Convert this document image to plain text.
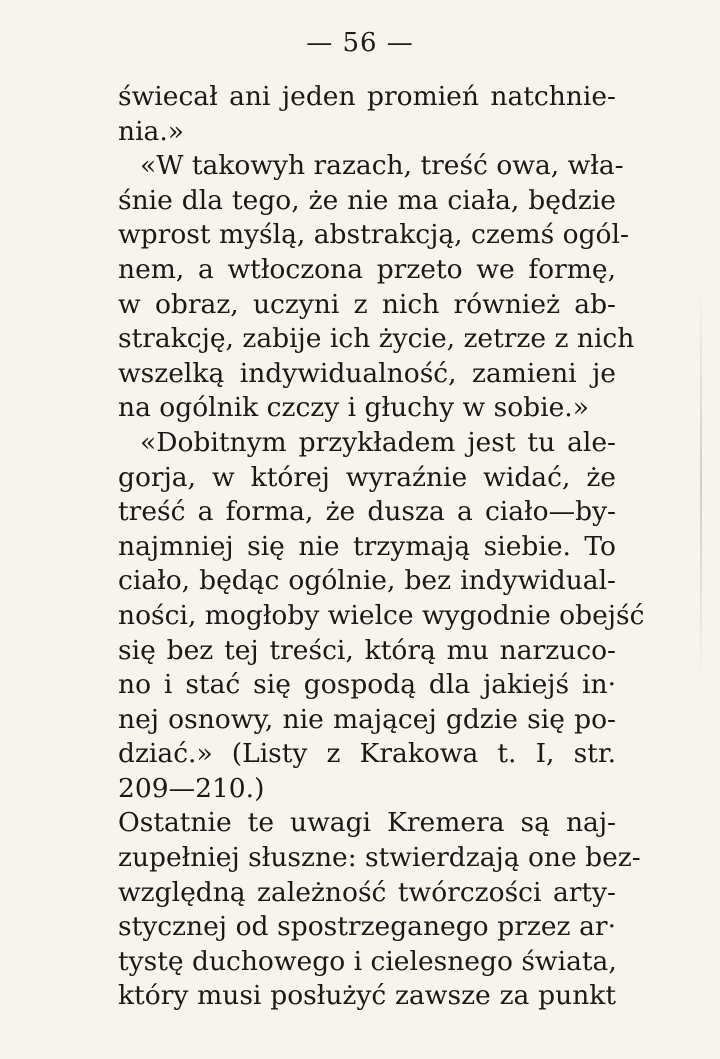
— 56 —
świecał ani jeden promień natchnie-
nia.»
«W takowyh razach, treść owa, wła-
śnie dla tego, że nie ma ciała, będzie
wprost myślą, abstrakcją, czemś ogól-
nem, a wtłoczona przeto we formę,
w obraz, uczyni z nich również ab-
strakcję, zabije ich życie, zetrze z nich
wszelką indywidualność, zamieni je
na ogólnik czczy i głuchy w sobie.»
«Dobitnym przykładem jest tu ale-
gorja, w której wyraźnie widać, że
treść a forma, że dusza a ciało—by-
najmniej się nie trzymają siebie. To
ciało, będąc ogólnie, bez indywidual-
ności, mogłoby wielce wygodnie obejść
się bez tej treści, którą mu narzuco-
no i stać się gospodą dla jakiejś in·
nej osnowy, nie mającej gdzie się po-
dziać.» (Listy z Krakowa t. I, str.
209—210.)
Ostatnie te uwagi Kremera są naj-
zupełniej słuszne: stwierdzają one bez-
względną zależność twórczości arty-
stycznej od spostrzeganego przez ar·
tystę duchowego i cielesnego świata,
który musi posłużyć zawsze za punkt
